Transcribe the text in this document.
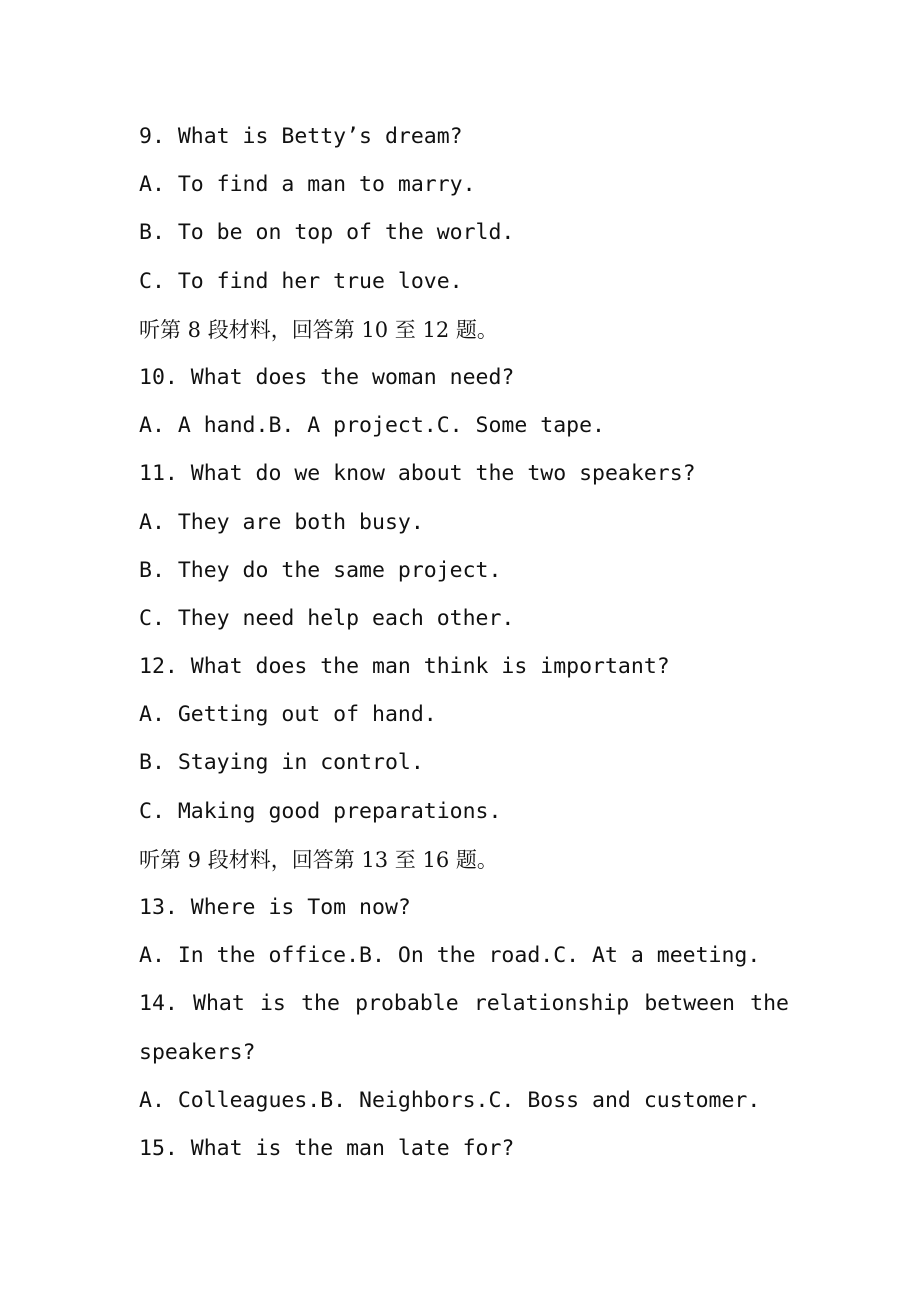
9. What is Betty’s dream?
A. To find a man to marry.
B. To be on top of the world.
C. To find her true love.
听第 8 段材料，回答第 10 至 12 题。
10. What does the woman need?
A. A hand.B. A project.C. Some tape.
11. What do we know about the two speakers?
A. They are both busy.
B. They do the same project.
C. They need help each other.
12. What does the man think is important?
A. Getting out of hand.
B. Staying in control.
C. Making good preparations.
听第 9 段材料，回答第 13 至 16 题。
13. Where is Tom now?
A. In the office.B. On the road.C. At a meeting.
14. What is the probable relationship between the
speakers?
A. Colleagues.B. Neighbors.C. Boss and customer.
15. What is the man late for?
